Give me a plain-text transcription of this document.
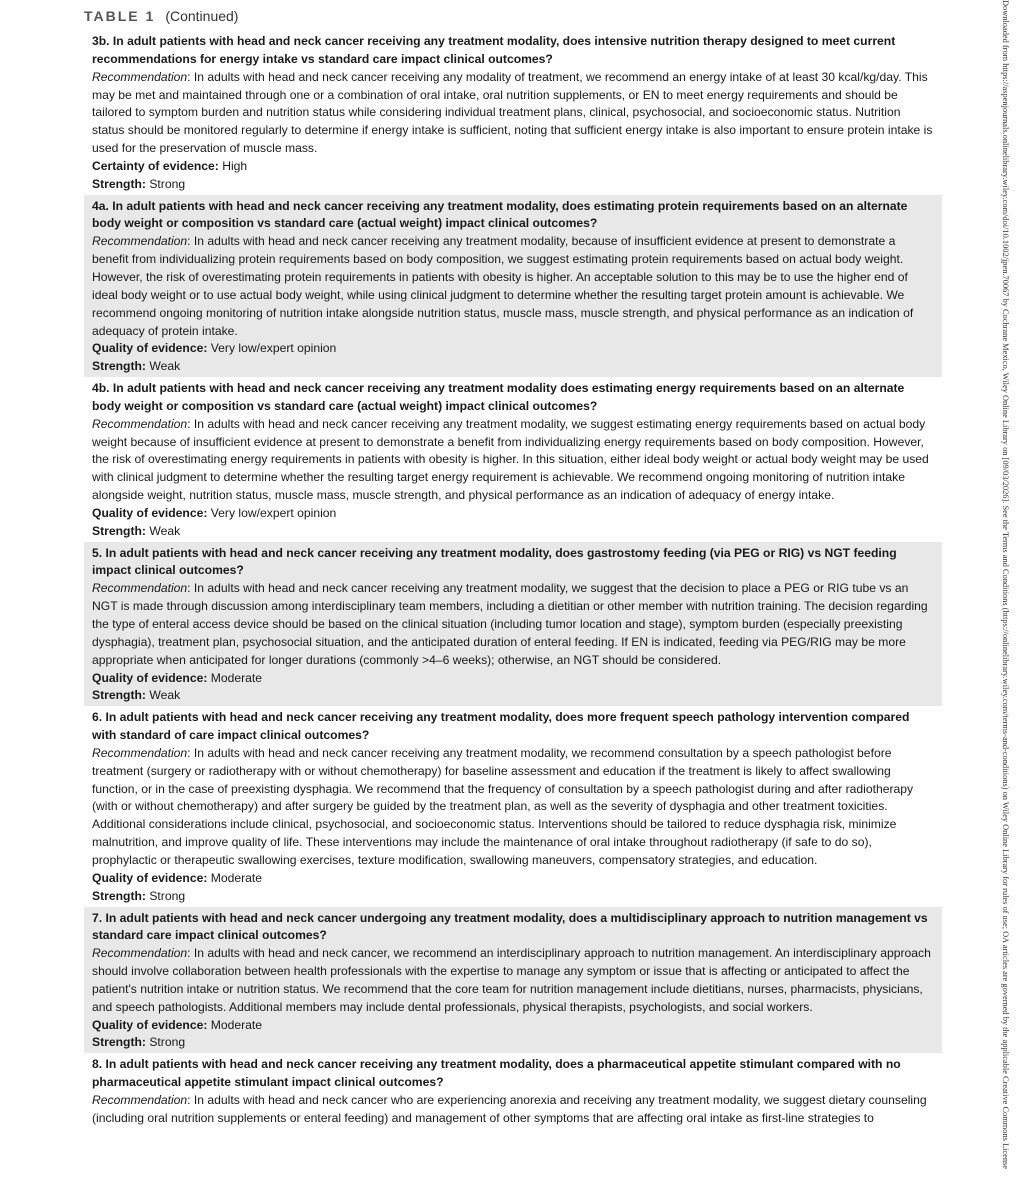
TABLE 1 (Continued)

3b. In adult patients with head and neck cancer receiving any treatment modality, does intensive nutrition therapy designed to meet current recommendations for energy intake vs standard care impact clinical outcomes?

Recommendation: In adults with head and neck cancer receiving any modality of treatment, we recommend an energy intake of at least 30 kcal/kg/day. This may be met and maintained through one or a combination of oral intake, oral nutrition supplements, or EN to meet energy requirements and should be tailored to symptom burden and nutrition status while considering individual treatment plans, clinical, psychosocial, and socioeconomic status. Nutrition status should be monitored regularly to determine if energy intake is sufficient, noting that sufficient energy intake is also important to ensure protein intake is used for the preservation of muscle mass.

Certainty of evidence: High

Strength: Strong

4a. In adult patients with head and neck cancer receiving any treatment modality, does estimating protein requirements based on an alternate body weight or composition vs standard care (actual weight) impact clinical outcomes?

Recommendation: In adults with head and neck cancer receiving any treatment modality, because of insufficient evidence at present to demonstrate a benefit from individualizing protein requirements based on body composition, we suggest estimating protein requirements based on actual body weight. However, the risk of overestimating protein requirements in patients with obesity is higher. An acceptable solution to this may be to use the higher end of ideal body weight or to use actual body weight, while using clinical judgment to determine whether the resulting target protein amount is achievable. We recommend ongoing monitoring of nutrition intake alongside nutrition status, muscle mass, muscle strength, and physical performance as an indication of adequacy of protein intake.

Quality of evidence: Very low/expert opinion

Strength: Weak

4b. In adult patients with head and neck cancer receiving any treatment modality does estimating energy requirements based on an alternate body weight or composition vs standard care (actual weight) impact clinical outcomes?

Recommendation: In adults with head and neck cancer receiving any treatment modality, we suggest estimating energy requirements based on actual body weight because of insufficient evidence at present to demonstrate a benefit from individualizing energy requirements based on body composition. However, the risk of overestimating energy requirements in patients with obesity is higher. In this situation, either ideal body weight or actual body weight may be used with clinical judgment to determine whether the resulting target energy requirement is achievable. We recommend ongoing monitoring of nutrition intake alongside weight, nutrition status, muscle mass, muscle strength, and physical performance as an indication of adequacy of energy intake.

Quality of evidence: Very low/expert opinion

Strength: Weak

5. In adult patients with head and neck cancer receiving any treatment modality, does gastrostomy feeding (via PEG or RIG) vs NGT feeding impact clinical outcomes?

Recommendation: In adults with head and neck cancer receiving any treatment modality, we suggest that the decision to place a PEG or RIG tube vs an NGT is made through discussion among interdisciplinary team members, including a dietitian or other member with nutrition training. The decision regarding the type of enteral access device should be based on the clinical situation (including tumor location and stage), symptom burden (especially preexisting dysphagia), treatment plan, psychosocial situation, and the anticipated duration of enteral feeding. If EN is indicated, feeding via PEG/RIG may be more appropriate when anticipated for longer durations (commonly >4–6 weeks); otherwise, an NGT should be considered.

Quality of evidence: Moderate

Strength: Weak

6. In adult patients with head and neck cancer receiving any treatment modality, does more frequent speech pathology intervention compared with standard of care impact clinical outcomes?

Recommendation: In adults with head and neck cancer receiving any treatment modality, we recommend consultation by a speech pathologist before treatment (surgery or radiotherapy with or without chemotherapy) for baseline assessment and education if the treatment is likely to affect swallowing function, or in the case of preexisting dysphagia. We recommend that the frequency of consultation by a speech pathologist during and after radiotherapy (with or without chemotherapy) and after surgery be guided by the treatment plan, as well as the severity of dysphagia and other treatment toxicities. Additional considerations include clinical, psychosocial, and socioeconomic status. Interventions should be tailored to reduce dysphagia risk, minimize malnutrition, and improve quality of life. These interventions may include the maintenance of oral intake throughout radiotherapy (if safe to do so), prophylactic or therapeutic swallowing exercises, texture modification, swallowing maneuvers, compensatory strategies, and education.

Quality of evidence: Moderate

Strength: Strong

7. In adult patients with head and neck cancer undergoing any treatment modality, does a multidisciplinary approach to nutrition management vs standard care impact clinical outcomes?

Recommendation: In adults with head and neck cancer, we recommend an interdisciplinary approach to nutrition management. An interdisciplinary approach should involve collaboration between health professionals with the expertise to manage any symptom or issue that is affecting or anticipated to affect the patient's nutrition intake or nutrition status. We recommend that the core team for nutrition management include dietitians, nurses, pharmacists, physicians, and speech pathologists. Additional members may include dental professionals, physical therapists, psychologists, and social workers.

Quality of evidence: Moderate

Strength: Strong

8. In adult patients with head and neck cancer receiving any treatment modality, does a pharmaceutical appetite stimulant compared with no pharmaceutical appetite stimulant impact clinical outcomes?

Recommendation: In adults with head and neck cancer who are experiencing anorexia and receiving any treatment modality, we suggest dietary counseling (including oral nutrition supplements or enteral feeding) and management of other symptoms that are affecting oral intake as first-line strategies to	Downloaded from https://aspenjournals.onlinelibrary.wiley.com/doi/10.1002/jpen.70067 by Cochrane Mexico, Wiley Online Library on [09/03/2026]. See the Terms and Conditions (https://onlinelibrary.wiley.com/terms-and-conditions) on Wiley Online Library for rules of use; OA articles are governed by the applicable Creative Commons License
